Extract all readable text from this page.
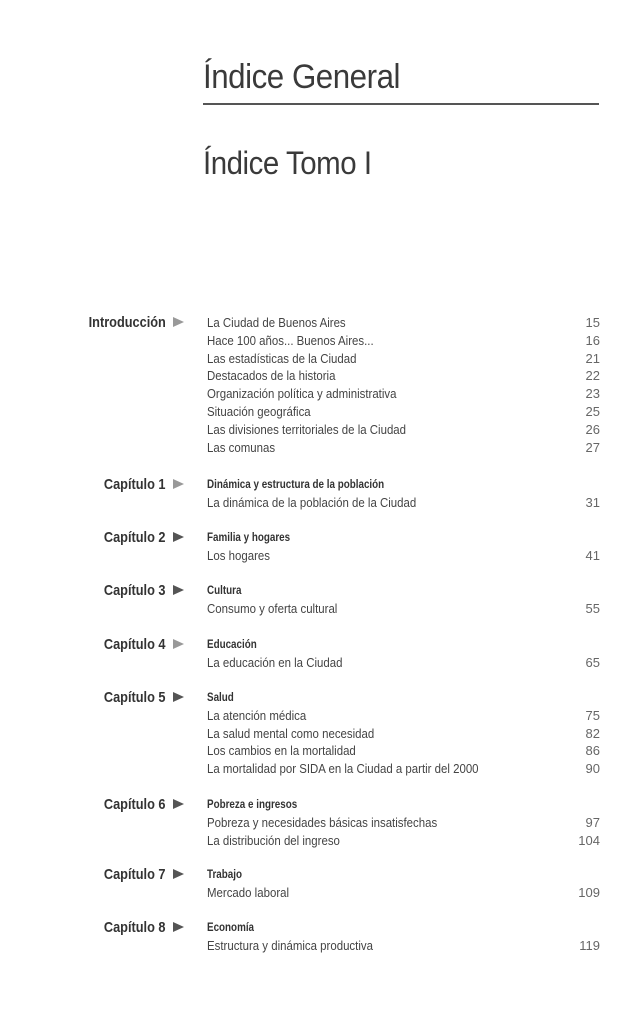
Índice General
Índice Tomo I
Introducción	La Ciudad de Buenos Aires	15
Hace 100 años... Buenos Aires...	16
Las estadísticas de la Ciudad	21
Destacados de la historia	22
Organización política y administrativa	23
Situación geográfica	25
Las divisiones territoriales de la Ciudad	26
Las comunas	27
Capítulo 1	Dinámica y estructura de la población
La dinámica de la población de la Ciudad	31
Capítulo 2	Familia y hogares
Los hogares	41
Capítulo 3	Cultura
Consumo y oferta cultural	55
Capítulo 4	Educación
La educación en la Ciudad	65
Capítulo 5	Salud
La atención médica	75
La salud mental como necesidad	82
Los cambios en la mortalidad	86
La mortalidad por SIDA en la Ciudad a partir del 2000	90
Capítulo 6	Pobreza e ingresos
Pobreza y necesidades básicas insatisfechas	97
La distribución del ingreso	104
Capítulo 7	Trabajo
Mercado laboral	109
Capítulo 8	Economía
Estructura y dinámica productiva	119
